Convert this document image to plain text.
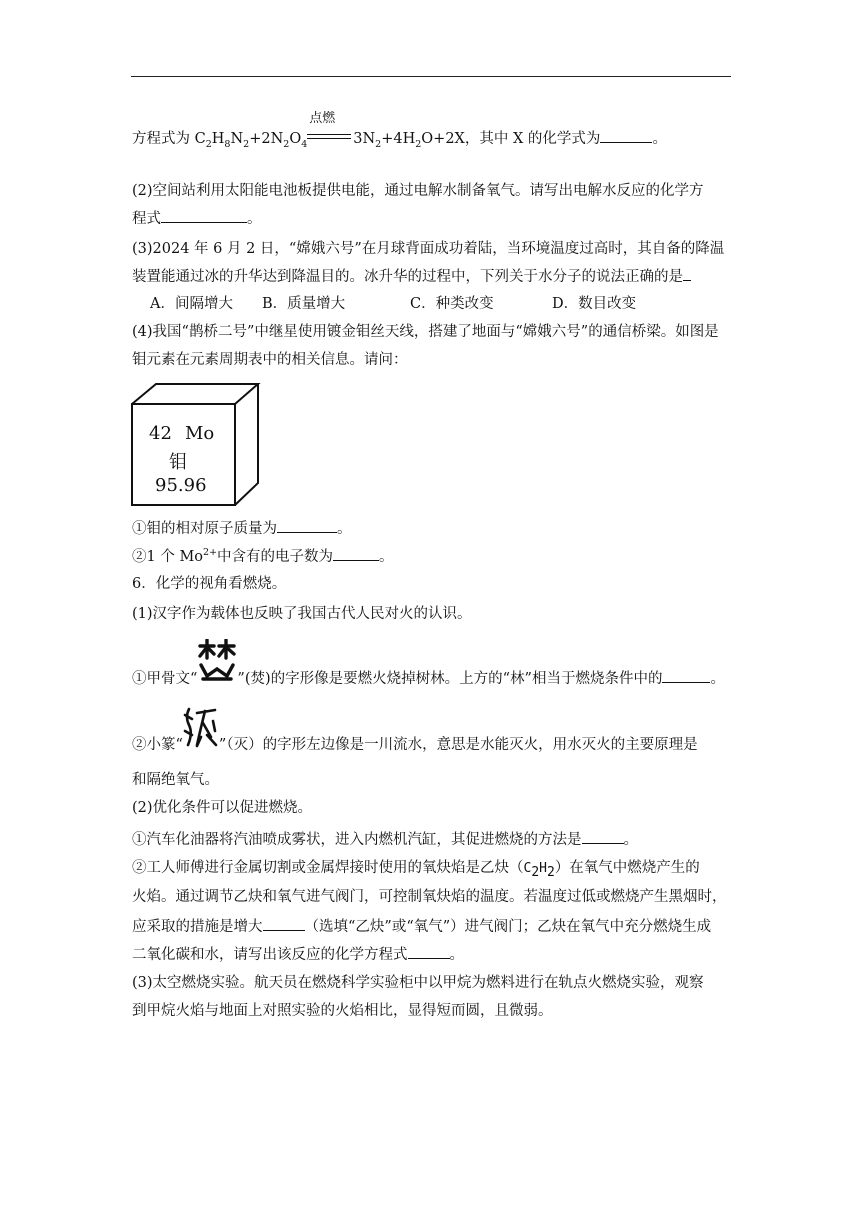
方程式为 $C_2H_8N_2+2N_2O_4$
点燃
$3N_2+4H_2O+2X$，其中 X 的化学式为	。
(2)空间站利用太阳能电池板提供电能，通过电解水制备氧气。请写出电解水反应的化学方
程式	。
(3)2024 年 6 月 2 日，“嫦娥六号”在月球背面成功着陆，当环境温度过高时，其自备的降温
装置能通过冰的升华达到降温目的。冰升华的过程中，下列关于水分子的说法正确的是
A．间隔增大 B．质量增大	C．种类改变	D．数目改变
(4)我国“鹊桥二号”中继星使用镀金钼丝天线，搭建了地面与“嫦娥六号”的通信桥梁。如图是
钼元素在元素周期表中的相关信息。请问：
42 Mo
钼
95.96
①钼的相对原子质量为	。
②1 个 $Mo^{2+}$中含有的电子数为	。
6．化学的视角看燃烧。
(1)汉字作为载体也反映了我国古代人民对火的认识。
①甲骨文“	”(焚)的字形像是要燃火烧掉树林。上方的“林”相当于燃烧条件中的	。
②小篆“ ”（灭）的字形左边像是一川流水，意思是水能灭火，用水灭火的主要原理是
和隔绝氧气。
(2)优化条件可以促进燃烧。
①汽车化油器将汽油喷成雾状，进入内燃机汽缸，其促进燃烧的方法是	。
②工人师傅进行金属切割或金属焊接时使用的氧炔焰是乙炔$(C_2H_2)$在氧气中燃烧产生的
火焰。通过调节乙炔和氧气进气阀门，可控制氧炔焰的温度。若温度过低或燃烧产生黑烟时，
应采取的措施是增大	（选填“乙炔”或“氧气”）进气阀门；乙炔在氧气中充分燃烧生成
二氧化碳和水，请写出该反应的化学方程式	。
(3)太空燃烧实验。航天员在燃烧科学实验柜中以甲烷为燃料进行在轨点火燃烧实验，观察
到甲烷火焰与地面上对照实验的火焰相比，显得短而圆，且微弱。
